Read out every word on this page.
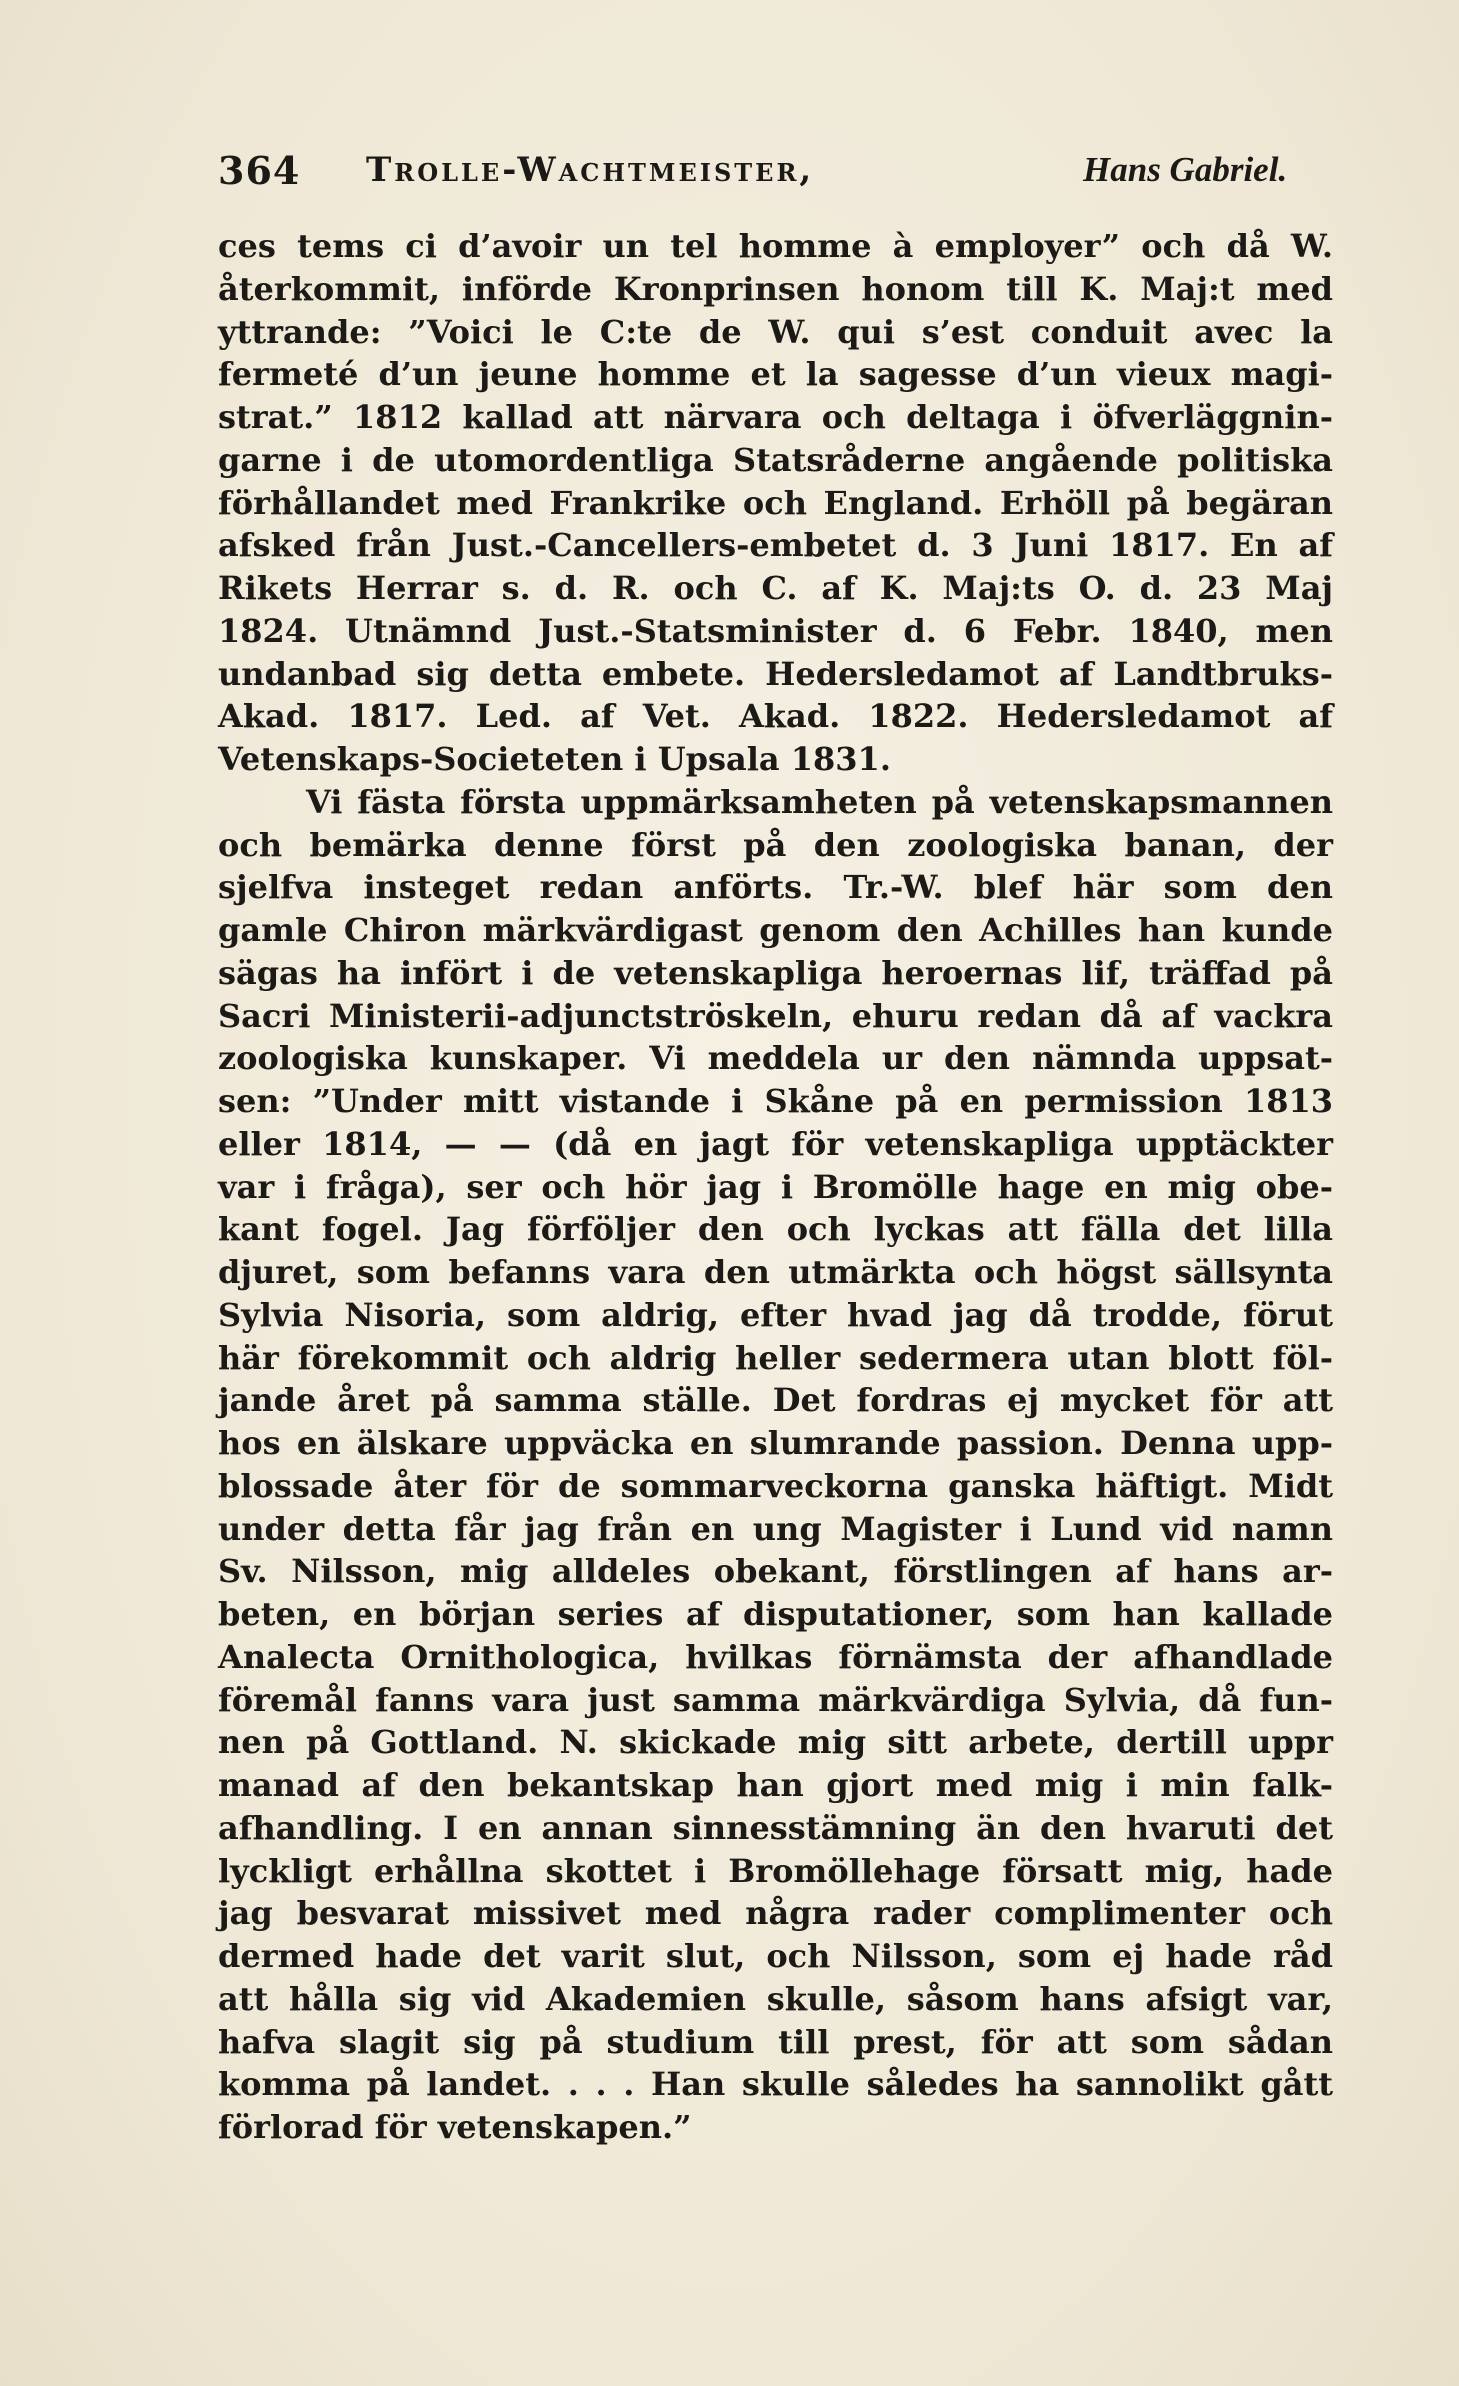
364 Trolle-Wachtmeister,	Hans Gabriel.
ces tems ci d’avoir un tel homme à employer” och då W.
återkommit, införde Kronprinsen honom till K. Maj:t med
yttrande: ”Voici le C:te de W. qui s’est conduit avec la
fermeté d’un jeune homme et la sagesse d’un vieux magi-
strat.” 1812 kallad att närvara och deltaga i öfverläggnin-
garne i de utomordentliga Statsråderne angående politiska
förhållandet med Frankrike och England. Erhöll på begäran
afsked från Just.-Cancellers-embetet d. 3 Juni 1817. En af
Rikets Herrar s. d. R. och C. af K. Maj:ts O. d. 23 Maj
1824. Utnämnd Just.-Statsminister d. 6 Febr. 1840, men
undanbad sig detta embete. Hedersledamot af Landtbruks-
Akad. 1817. Led. af Vet. Akad. 1822. Hedersledamot af
Vetenskaps-Societeten i Upsala 1831.
Vi fästa första uppmärksamheten på vetenskapsmannen
och bemärka denne först på den zoologiska banan, der
sjelfva insteget redan anförts. Tr.-W. blef här som den
gamle Chiron märkvärdigast genom den Achilles han kunde
sägas ha infört i de vetenskapliga heroernas lif, träffad på
Sacri Ministerii-adjunctströskeln, ehuru redan då af vackra
zoologiska kunskaper. Vi meddela ur den nämnda uppsat-
sen: ”Under mitt vistande i Skåne på en permission 1813
eller 1814, — — (då en jagt för vetenskapliga upptäckter
var i fråga), ser och hör jag i Bromölle hage en mig obe-
kant fogel. Jag förföljer den och lyckas att fälla det lilla
djuret, som befanns vara den utmärkta och högst sällsynta
Sylvia Nisoria, som aldrig, efter hvad jag då trodde, förut
här förekommit och aldrig heller sedermera utan blott föl-
jande året på samma ställe. Det fordras ej mycket för att
hos en älskare uppväcka en slumrande passion. Denna upp-
blossade åter för de sommarveckorna ganska häftigt. Midt
under detta får jag från en ung Magister i Lund vid namn
Sv. Nilsson, mig alldeles obekant, förstlingen af hans ar-
beten, en början series af disputationer, som han kallade
Analecta Ornithologica, hvilkas förnämsta der afhandlade
föremål fanns vara just samma märkvärdiga Sylvia, då fun-
nen på Gottland. N. skickade mig sitt arbete, dertill uppr
manad af den bekantskap han gjort med mig i min falk-
afhandling. I en annan sinnesstämning än den hvaruti det
lyckligt erhållna skottet i Bromöllehage försatt mig, hade
jag besvarat missivet med några rader complimenter och
dermed hade det varit slut, och Nilsson, som ej hade råd
att hålla sig vid Akademien skulle, såsom hans afsigt var,
hafva slagit sig på studium till prest, för att som sådan
komma på landet. . . . Han skulle således ha sannolikt gått
förlorad för vetenskapen.”
